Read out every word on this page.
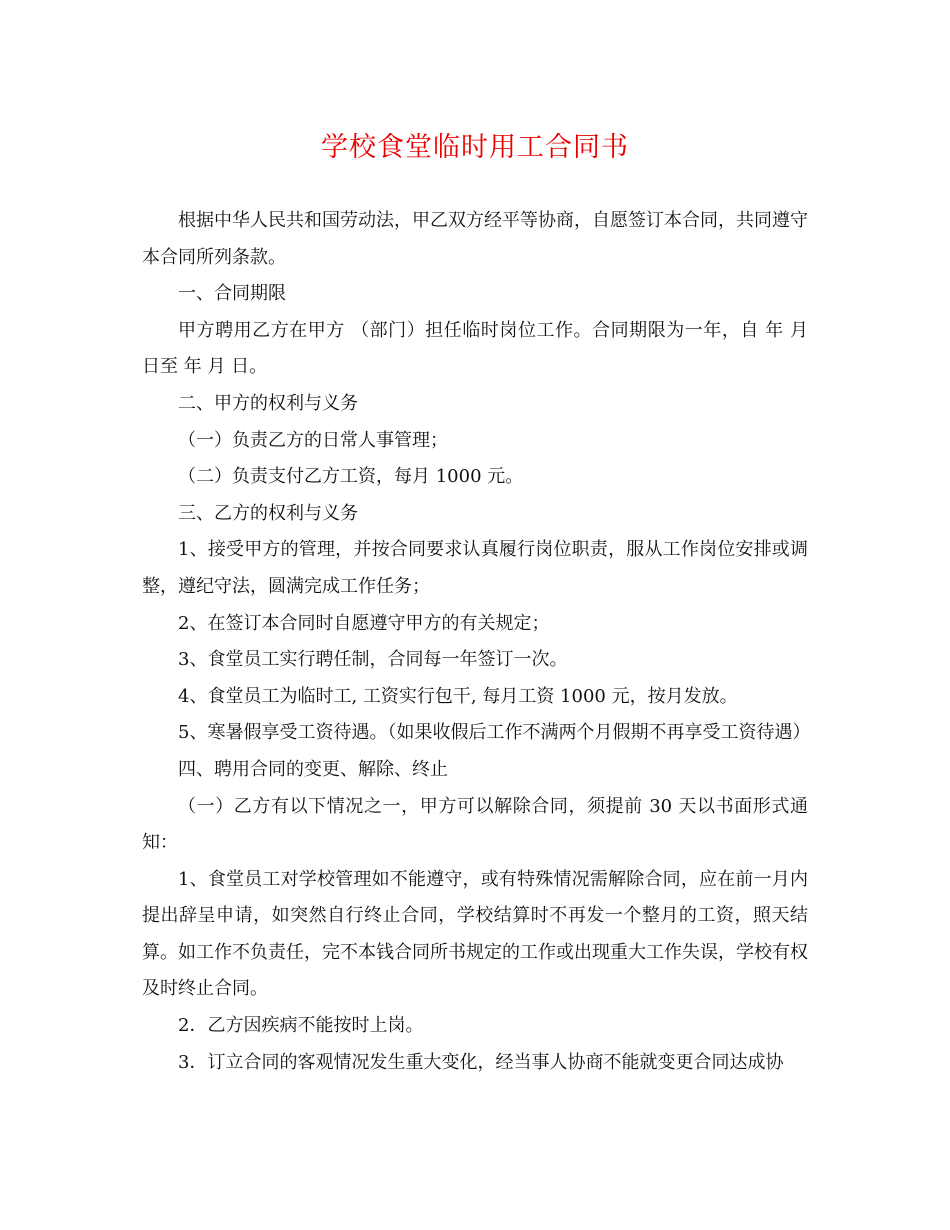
学校食堂临时用工合同书

根据中华人民共和国劳动法，甲乙双方经平等协商，自愿签订本合同，共同遵守本合同所列条款。

一、合同期限

甲方聘用乙方在甲方 （部门）担任临时岗位工作。合同期限为一年，自 年 月 日至 年 月 日。

二、甲方的权利与义务

（一）负责乙方的日常人事管理；

（二）负责支付乙方工资，每月 1000 元。

三、乙方的权利与义务

1、接受甲方的管理，并按合同要求认真履行岗位职责，服从工作岗位安排或调整，遵纪守法，圆满完成工作任务；

2、在签订本合同时自愿遵守甲方的有关规定；

3、食堂员工实行聘任制，合同每一年签订一次。

4、食堂员工为临时工, 工资实行包干, 每月工资 1000 元，按月发放。

5、寒暑假享受工资待遇。（如果收假后工作不满两个月假期不再享受工资待遇）

四、聘用合同的变更、解除、终止

（一）乙方有以下情况之一，甲方可以解除合同，须提前 30 天以书面形式通知：

1、食堂员工对学校管理如不能遵守，或有特殊情况需解除合同，应在前一月内提出辞呈申请，如突然自行终止合同，学校结算时不再发一个整月的工资，照天结算。如工作不负责任，完不本钱合同所书规定的工作或出现重大工作失误，学校有权及时终止合同。

2．乙方因疾病不能按时上岗。

3．订立合同的客观情况发生重大变化，经当事人协商不能就变更合同达成协
